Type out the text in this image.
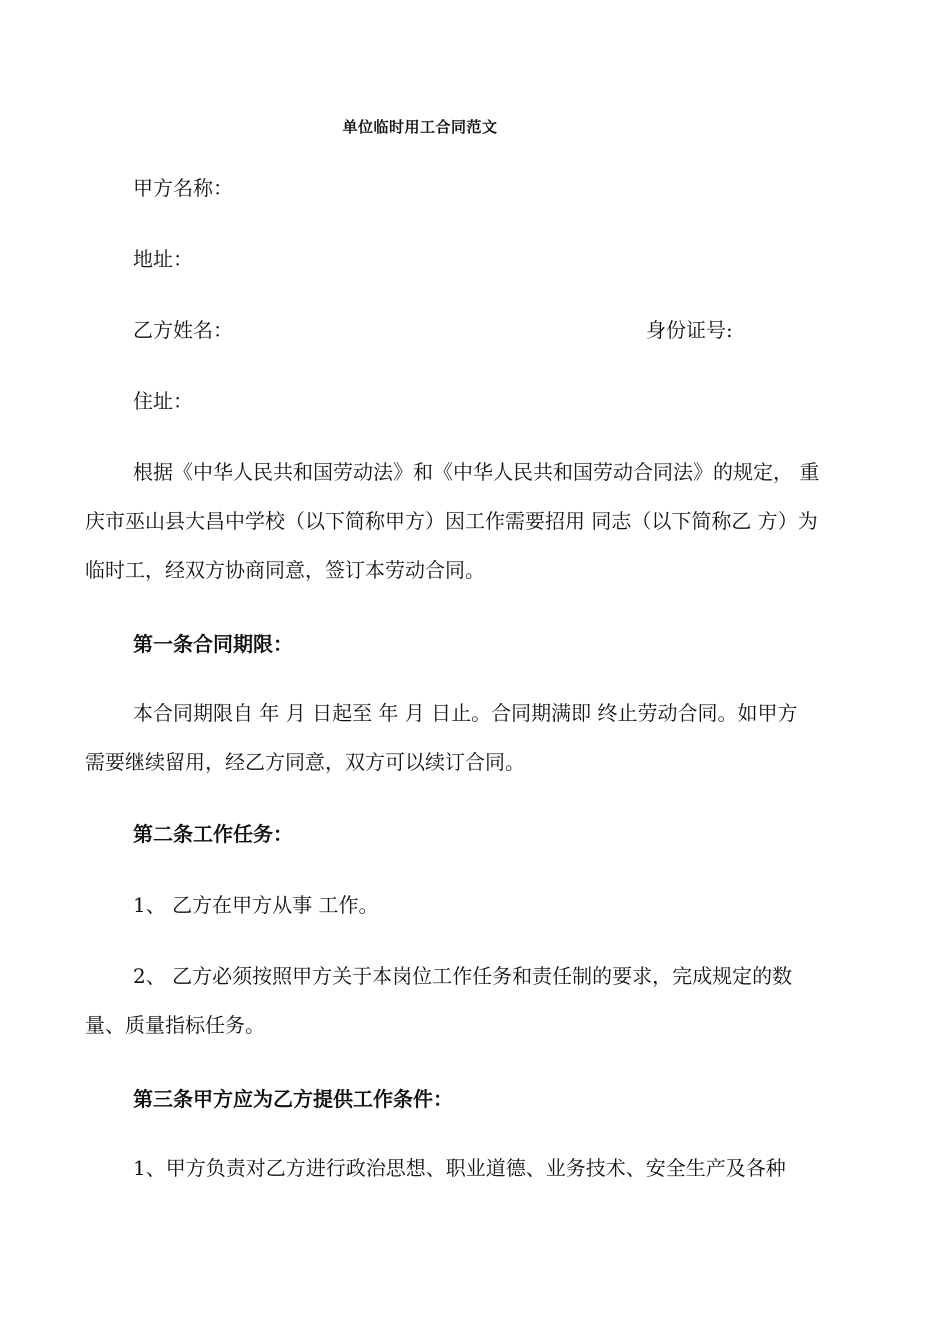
单位临时用工合同范文
甲方名称：
地址：
乙方姓名：	身份证号:
住址：
根据《中华人民共和国劳动法》和《中华人民共和国劳动合同法》的规定， 重
庆市巫山县大昌中学校（以下简称甲方）因工作需要招用 同志（以下简称乙 方）为
临时工，经双方协商同意，签订本劳动合同。
第一条合同期限：
本合同期限自 年 月 日起至 年 月 日止。合同期满即 终止劳动合同。如甲方
需要继续留用，经乙方同意，双方可以续订合同。
第二条工作任务：
1、 乙方在甲方从事 工作。
2、 乙方必须按照甲方关于本岗位工作任务和责任制的要求，完成规定的数
量、质量指标任务。
第三条甲方应为乙方提供工作条件：
1、甲方负责对乙方进行政治思想、职业道德、业务技术、安全生产及各种
